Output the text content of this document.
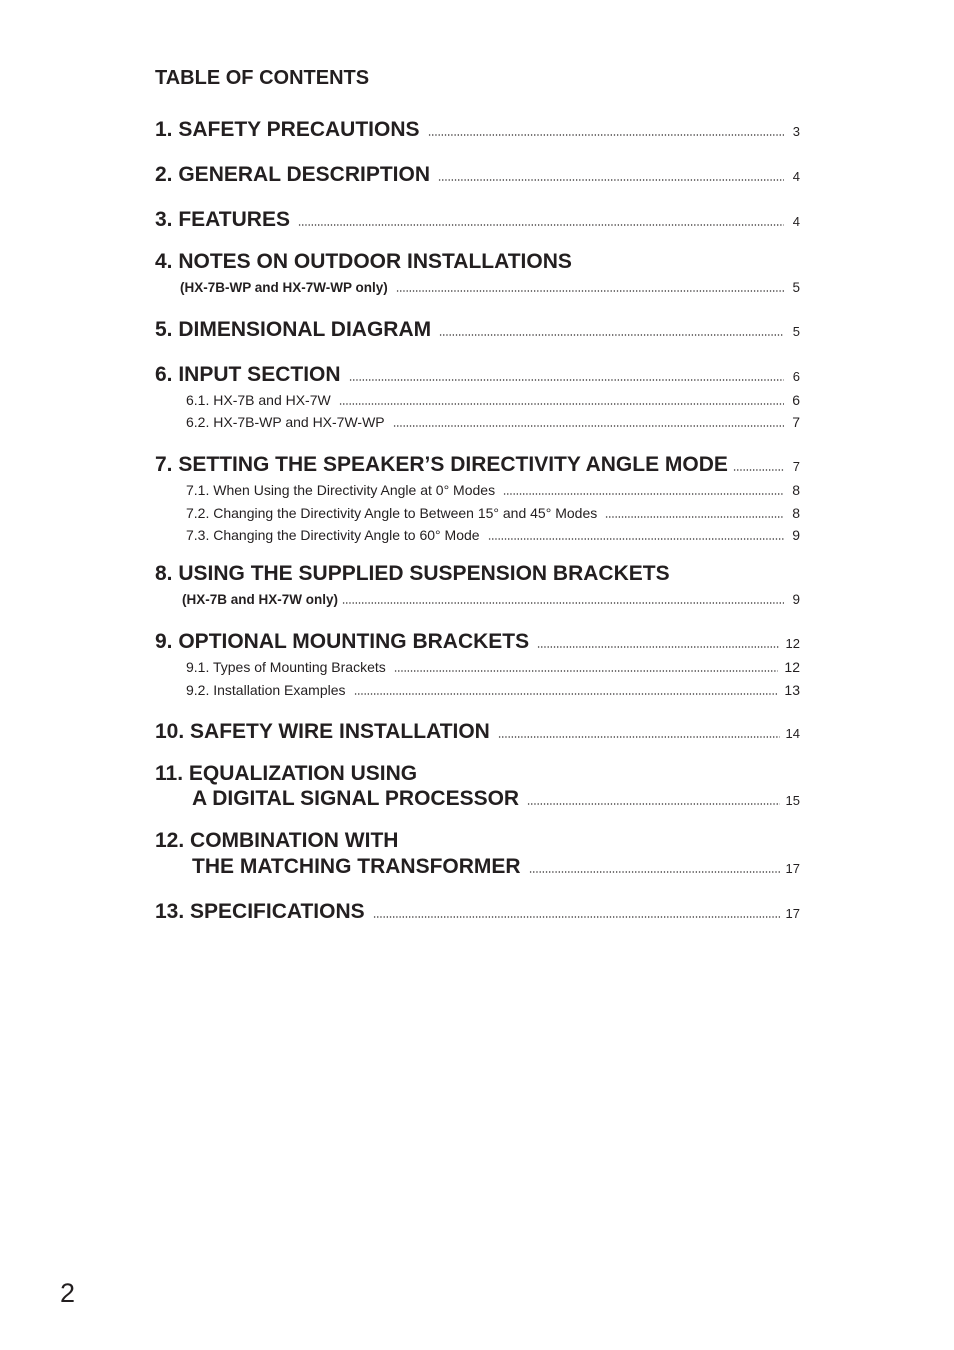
TABLE OF CONTENTS
1. SAFETY PRECAUTIONS	3
2. GENERAL DESCRIPTION	4
3. FEATURES	4
4. NOTES ON OUTDOOR INSTALLATIONS
(HX-7B-WP and HX-7W-WP only)	5
5. DIMENSIONAL DIAGRAM	5
6. INPUT SECTION	6
6.1. HX-7B and HX-7W	6
6.2. HX-7B-WP and HX-7W-WP	7
7. SETTING THE SPEAKER’S DIRECTIVITY ANGLE MODE	7
7.1. When Using the Directivity Angle at 0° Modes	8
7.2. Changing the Directivity Angle to Between 15° and 45° Modes	8
7.3. Changing the Directivity Angle to 60° Mode	9
8. USING THE SUPPLIED SUSPENSION BRACKETS
(HX-7B and HX-7W only)	9
9. OPTIONAL MOUNTING BRACKETS	12
9.1. Types of Mounting Brackets	12
9.2. Installation Examples	13
10. SAFETY WIRE INSTALLATION	14
11. EQUALIZATION USING
A DIGITAL SIGNAL PROCESSOR	15
12. COMBINATION WITH
THE MATCHING TRANSFORMER	17
13. SPECIFICATIONS	17
2
